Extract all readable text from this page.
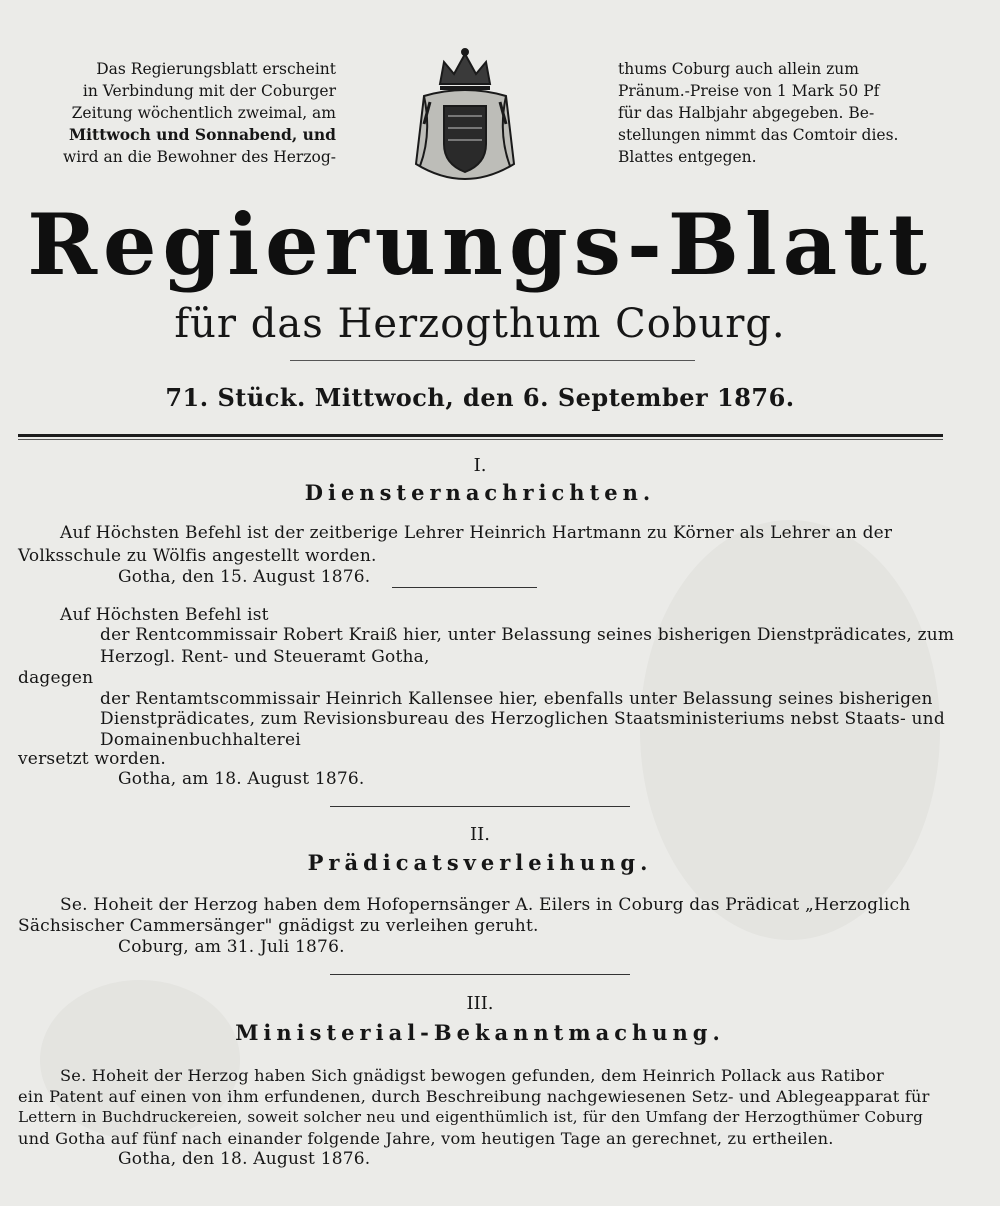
Das Regierungsblatt erscheint
in Verbindung mit der Coburger
Zeitung wöchentlich zweimal, am
Mittwoch und Sonnabend, und
wird an die Bewohner des Herzog-
thums Coburg auch allein zum
Pränum.-Preise von 1 Mark 50 Pf
für das Halbjahr abgegeben. Be-
stellungen nimmt das Comtoir dies.
Blattes entgegen.
Regierungs-Blatt
für das Herzogthum Coburg.
71. Stück. Mittwoch, den 6. September 1876.
I.
Diensternachrichten.
Auf Höchsten Befehl ist der zeitberige Lehrer Heinrich Hartmann zu Körner als Lehrer an der
Volksschule zu Wölfis angestellt worden.
Gotha, den 15. August 1876.
Auf Höchsten Befehl ist
der Rentcommissair Robert Kraiß hier, unter Belassung seines bisherigen Dienstprädicates, zum
Herzogl. Rent- und Steueramt Gotha,
dagegen
der Rentamtscommissair Heinrich Kallensee hier, ebenfalls unter Belassung seines bisherigen
Dienstprädicates, zum Revisionsbureau des Herzoglichen Staatsministeriums nebst Staats- und
Domainenbuchhalterei
versetzt worden.
Gotha, am 18. August 1876.
II.
Prädicatsverleihung.
Se. Hoheit der Herzog haben dem Hofopernsänger A. Eilers in Coburg das Prädicat „Herzoglich
Sächsischer Cammersänger" gnädigst zu verleihen geruht.
Coburg, am 31. Juli 1876.
III.
Ministerial-Bekanntmachung.
Se. Hoheit der Herzog haben Sich gnädigst bewogen gefunden, dem Heinrich Pollack aus Ratibor
ein Patent auf einen von ihm erfundenen, durch Beschreibung nachgewiesenen Setz- und Ablegeapparat für
Lettern in Buchdruckereien, soweit solcher neu und eigenthümlich ist, für den Umfang der Herzogthümer Coburg
und Gotha auf fünf nach einander folgende Jahre, vom heutigen Tage an gerechnet, zu ertheilen.
Gotha, den 18. August 1876.
